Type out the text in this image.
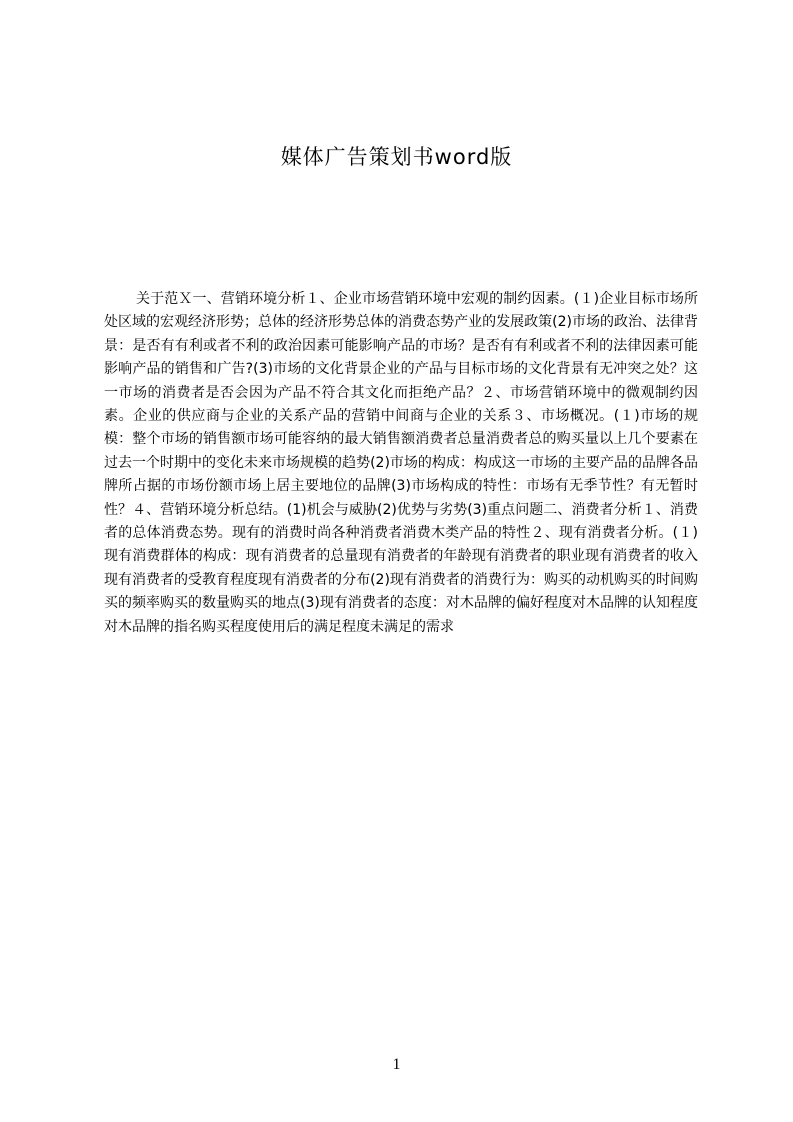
媒体广告策划书word版

关于范Ｘ一、营销环境分析１、企业市场营销环境中宏观的制约因素。(１)企业目标市场所处区域的宏观经济形势；总体的经济形势总体的消费态势产业的发展政策(2)市场的政治、法律背景：是否有有利或者不利的政治因素可能影响产品的市场？是否有有利或者不利的法律因素可能影响产品的销售和广告?(3)市场的文化背景企业的产品与目标市场的文化背景有无冲突之处？这一市场的消费者是否会因为产品不符合其文化而拒绝产品？２、市场营销环境中的微观制约因素。企业的供应商与企业的关系产品的营销中间商与企业的关系３、市场概况。(１)市场的规模：整个市场的销售额市场可能容纳的最大销售额消费者总量消费者总的购买量以上几个要素在过去一个时期中的变化未来市场规模的趋势(2)市场的构成：构成这一市场的主要产品的品牌各品牌所占据的市场份额市场上居主要地位的品牌(3)市场构成的特性：市场有无季节性？有无暂时性？４、营销环境分析总结。(1)机会与威胁(2)优势与劣势(3)重点问题二、消费者分析１、消费者的总体消费态势。现有的消费时尚各种消费者消费木类产品的特性２、现有消费者分析。(１)现有消费群体的构成：现有消费者的总量现有消费者的年龄现有消费者的职业现有消费者的收入现有消费者的受教育程度现有消费者的分布(2)现有消费者的消费行为：购买的动机购买的时间购买的频率购买的数量购买的地点(3)现有消费者的态度：对木品牌的偏好程度对木品牌的认知程度对木品牌的指名购买程度使用后的满足程度未满足的需求

1
